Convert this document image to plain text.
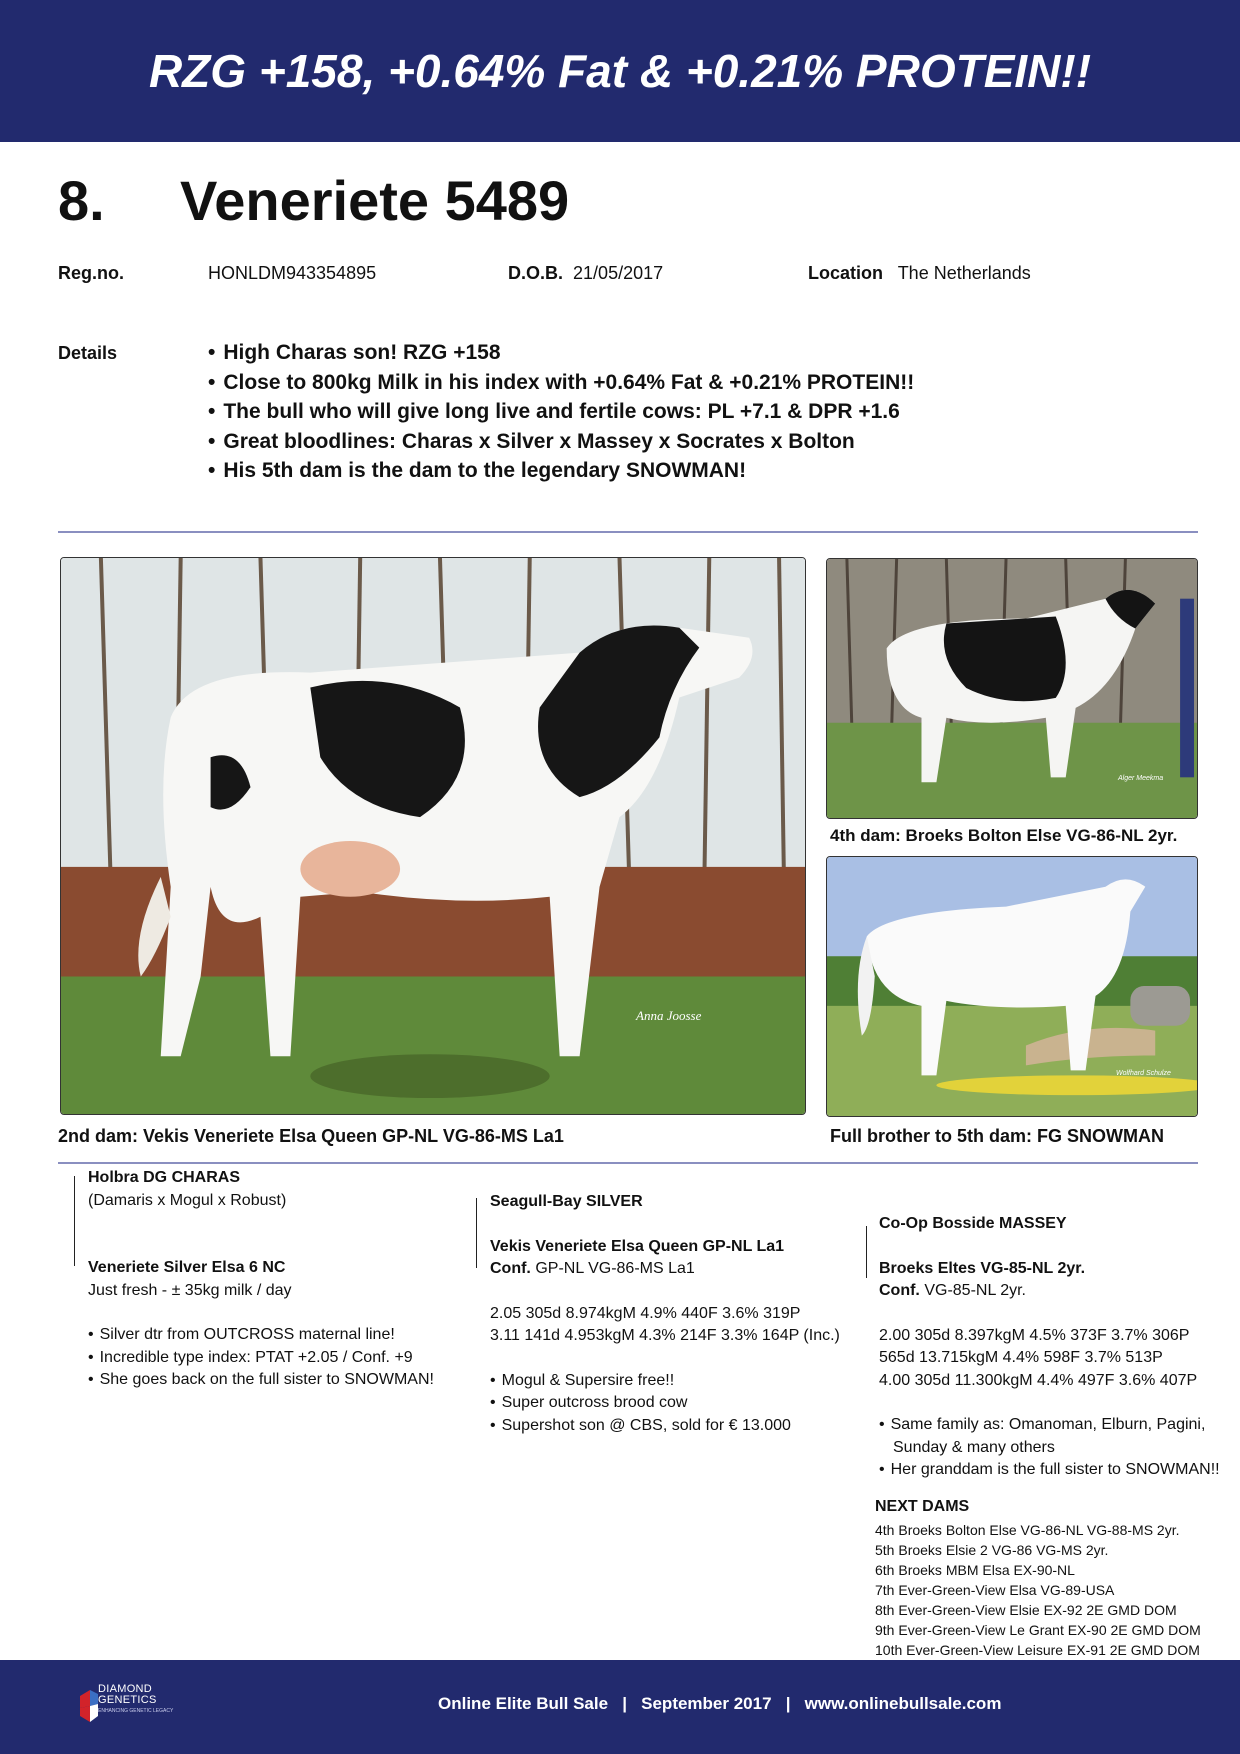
RZG +158, +0.64% Fat & +0.21% PROTEIN!!
8. Veneriete 5489
Reg.no.	HONLDM943354895	D.O.B. 21/05/2017	Location The Netherlands
Details
•	High Charas son! RZG +158
• Close to 800kg Milk in his index with +0.64% Fat & +0.21% PROTEIN!!
• The bull who will give long live and fertile cows: PL +7.1 & DPR +1.6
• Great bloodlines: Charas x Silver x Massey x Socrates x Bolton
• His 5th dam is the dam to the legendary SNOWMAN!
2nd dam: Vekis Veneriete Elsa Queen GP-NL VG-86-MS La1
Anna Joosse
4th dam: Broeks Bolton Else VG-86-NL 2yr.
Alger Meekma
Full brother to 5th dam: FG SNOWMAN
Wolfhard Schulze
Holbra DG CHARAS
(Damaris x Mogul x Robust)
Veneriete Silver Elsa 6 NC
Just fresh - ± 35kg milk / day
• Silver dtr from OUTCROSS maternal line!
• Incredible type index: PTAT +2.05 / Conf. +9
• She goes back on the full sister to SNOWMAN!
Seagull-Bay SILVER
Vekis Veneriete Elsa Queen GP-NL La1
Conf. GP-NL VG-86-MS La1
2.05 305d 8.974kgM 4.9% 440F 3.6% 319P
3.11 141d 4.953kgM 4.3% 214F 3.3% 164P (Inc.)
• Mogul & Supersire free!!
• Super outcross brood cow
• Supershot son @ CBS, sold for € 13.000
Co-Op Bosside MASSEY
Broeks Eltes VG-85-NL 2yr.
Conf. VG-85-NL 2yr.
2.00 305d 8.397kgM 4.5% 373F 3.7% 306P
565d 13.715kgM 4.4% 598F 3.7% 513P
4.00 305d 11.300kgM 4.4% 497F 3.6% 407P
• Same family as: Omanoman, Elburn, Pagini, Sunday & many others
• Her granddam is the full sister to SNOWMAN!!
NEXT DAMS
4th Broeks Bolton Else VG-86-NL VG-88-MS 2yr.
5th Broeks Elsie 2 VG-86 VG-MS 2yr.
6th Broeks MBM Elsa EX-90-NL
7th Ever-Green-View Elsa VG-89-USA
8th Ever-Green-View Elsie EX-92 2E GMD DOM
9th Ever-Green-View Le Grant EX-90 2E GMD DOM
10th Ever-Green-View Leisure EX-91 2E GMD DOM
DIAMOND
GENETICS
ENHANCING GENETIC LEGACY	Online Elite Bull Sale   |   September 2017   |   www.onlinebullsale.com
